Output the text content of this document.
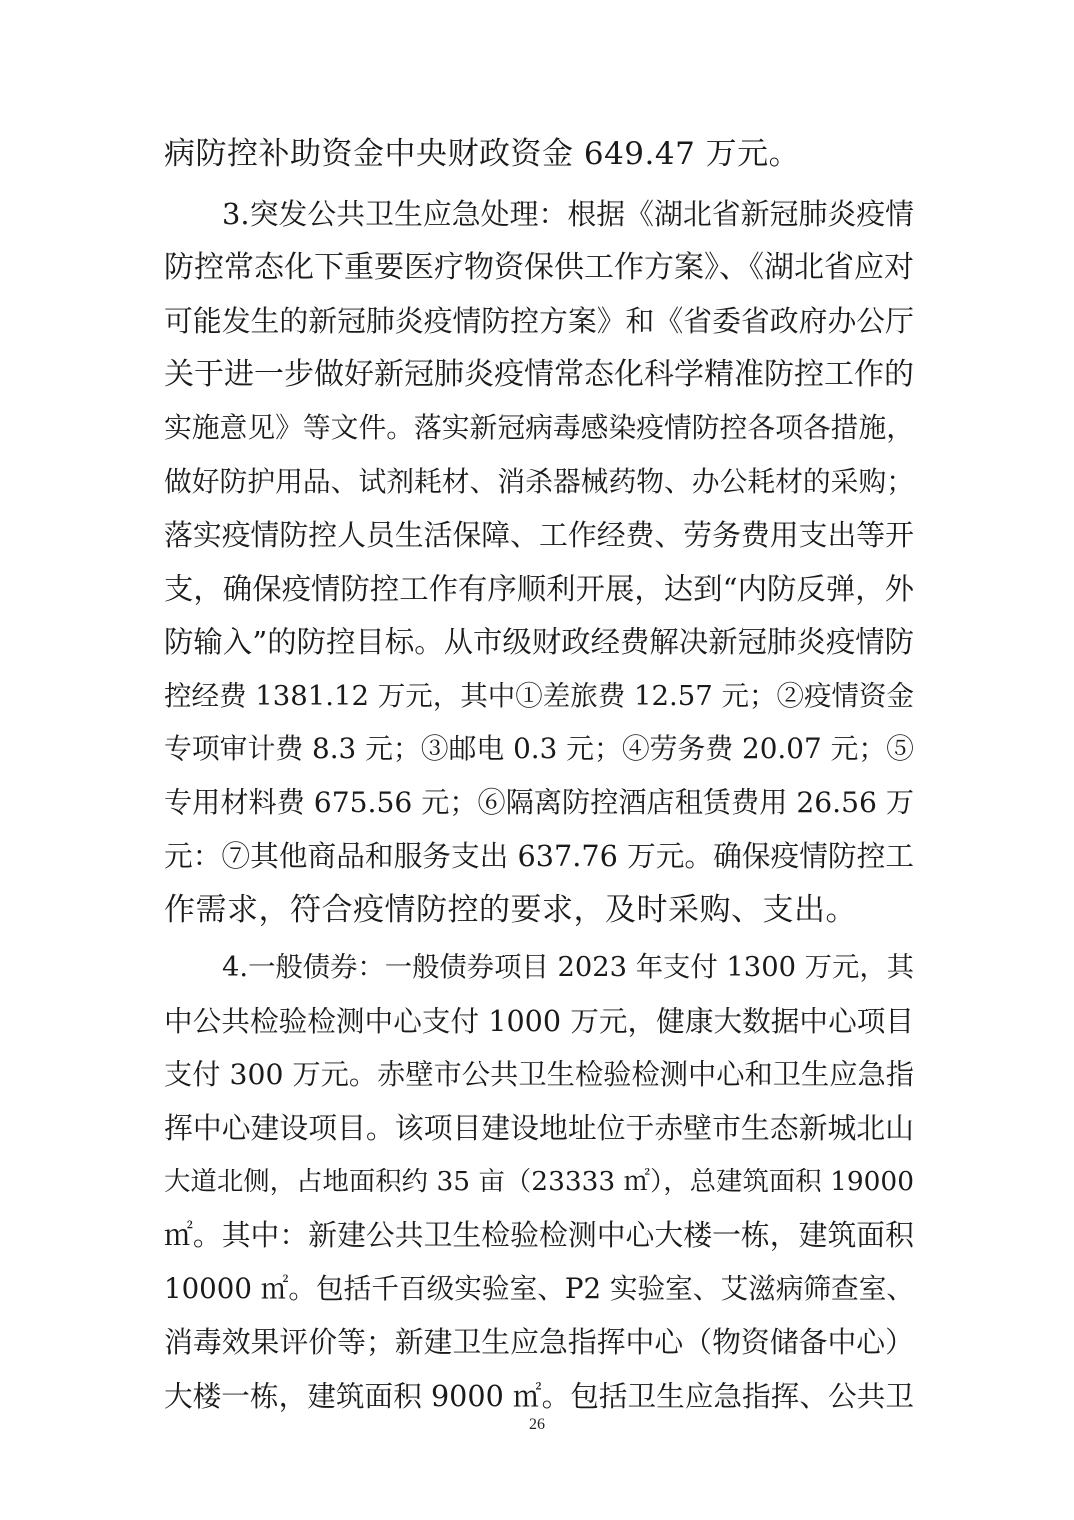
病防控补助资金中央财政资金 649.47 万元。
3.突发公共卫生应急处理：根据《湖北省新冠肺炎疫情
防控常态化下重要医疗物资保供工作方案》、《湖北省应对
可能发生的新冠肺炎疫情防控方案》和《省委省政府办公厅
关于进一步做好新冠肺炎疫情常态化科学精准防控工作的
实施意见》等文件。落实新冠病毒感染疫情防控各项各措施，
做好防护用品、试剂耗材、消杀器械药物、办公耗材的采购；
落实疫情防控人员生活保障、工作经费、劳务费用支出等开
支，确保疫情防控工作有序顺利开展，达到“内防反弹，外
防输入”的防控目标。从市级财政经费解决新冠肺炎疫情防
控经费 1381.12 万元，其中①差旅费 12.57 元；②疫情资金
专项审计费 8.3 元；③邮电 0.3 元；④劳务费 20.07 元；⑤
专用材料费 675.56 元；⑥隔离防控酒店租赁费用 26.56 万
元：⑦其他商品和服务支出 637.76 万元。确保疫情防控工
作需求，符合疫情防控的要求，及时采购、支出。
4.一般债券：一般债券项目 2023 年支付 1300 万元，其
中公共检验检测中心支付 1000 万元，健康大数据中心项目
支付 300 万元。赤壁市公共卫生检验检测中心和卫生应急指
挥中心建设项目。该项目建设地址位于赤壁市生态新城北山
大道北侧，占地面积约 35 亩（23333 ㎡），总建筑面积 19000
㎡。其中：新建公共卫生检验检测中心大楼一栋，建筑面积
10000 ㎡。包括千百级实验室、P2 实验室、艾滋病筛查室、
消毒效果评价等；新建卫生应急指挥中心（物资储备中心）
大楼一栋，建筑面积 9000 ㎡。包括卫生应急指挥、公共卫
26
